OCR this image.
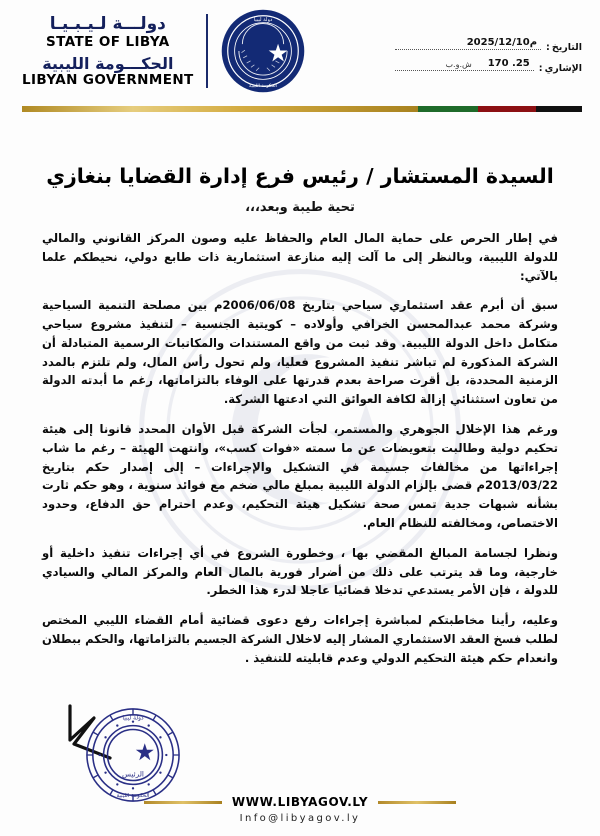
دولة ليبيا
الحكومة الليبية
دولـــة لـيـبـيـا
STATE OF LIBYA
الحكـــومة الليبية
LIBYAN GOVERNMENT
التاريخ
:
2025/12/10م
الإشاري
:
170 .25
ش.و.ب
السيدة المستشار / رئيس فرع إدارة القضايا بنغازي
تحية طيبة وبعد،،،

في إطار الحرص على حماية المال العام والحفاظ عليه وصون المركز القانوني والمالي للدولة الليبية، وبالنظر إلى ما آلت إليه منازعة استثمارية ذات طابع دولي، نحيطكم علما بالآتي:

سبق أن أبرم عقد استثماري سياحي بتاريخ 2006/06/08م بين مصلحة التنمية السياحية وشركة محمد عبدالمحسن الخرافي وأولاده – كويتية الجنسية – لتنفيذ مشروع سياحي متكامل داخل الدولة الليبية. وقد ثبت من واقع المستندات والمكاتبات الرسمية المتبادلة أن الشركة المذكورة لم تباشر تنفيذ المشروع فعليا، ولم تحول رأس المال، ولم تلتزم بالمدد الزمنية المحددة، بل أقرت صراحة بعدم قدرتها على الوفاء بالتزاماتها، رغم ما أبدته الدولة من تعاون استثنائي إزالة لكافة العوائق التي ادعتها الشركة.

ورغم هذا الإخلال الجوهري والمستمر، لجأت الشركة قبل الأوان المحدد قانونا إلى هيئة تحكيم دولية وطالبت بتعويضات عن ما سمته «فوات كسب»، وانتهت الهيئة – رغم ما شاب إجراءاتها من مخالفات جسيمة في التشكيل والإجراءات – إلى إصدار حكم بتاريخ 2013/03/22م قضى بإلزام الدولة الليبية بمبلغ مالي ضخم مع فوائد سنوية ، وهو حكم ثارت بشأنه شبهات جدية تمس صحة تشكيل هيئة التحكيم، وعدم احترام حق الدفاع، وحدود الاختصاص، ومخالفته للنظام العام.

ونظرا لجسامة المبالغ المقضي بها ، وخطورة الشروع في أي إجراءات تنفيذ داخلية أو خارجية، وما قد يترتب على ذلك من أضرار فورية بالمال العام والمركز المالي والسيادي للدولة ، فإن الأمر يستدعي تدخلا قضائيا عاجلا لدرء هذا الخطر.

وعليه، رأينا مخاطبتكم لمباشرة إجراءات رفع دعوى قضائية أمام القضاء الليبي المختص لطلب فسخ العقد الاستثماري المشار إليه لاخلال الشركة الجسيم بالتزاماتها، والحكم ببطلان وانعدام حكم هيئة التحكيم الدولي وعدم قابليته للتنفيذ .

دولة ليبيا
الرئيس
الحكومة الليبية	WWW.LIBYAGOV.LY
Info@libyagov.ly
